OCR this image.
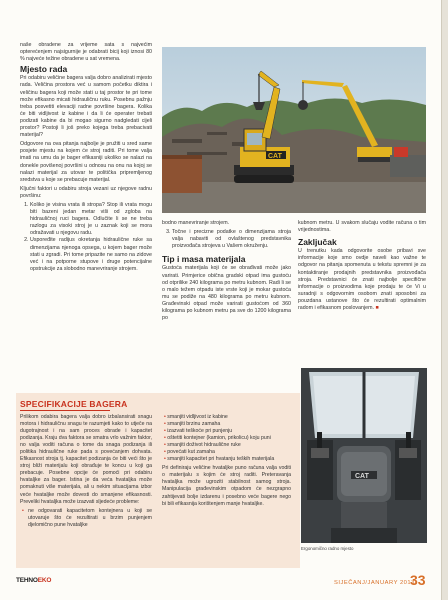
naše obradene za vrijeme sata s najvećim opterećenjem najsigurnije je odabrati bicij koji iznosi 80 % najveće težine obradene u sat vremena.

Mjesto rada

Pri odabiru veličine bagera valja dobro analizirati mjesto rada. Veličina prostora već u samom početku diktira i veličinu bagera koji može stati u taj prostor te pri tome može efikasno micati hidrauličnu ruku. Posebnu pažnju treba posvetiti elevaciji radne površine bagera. Kolika će biti vidljivost iz kabine i da li će operater trebati podizati kabine da bi mogao sigurno nadgledati cijeli prostor? Postoji li još preko kojega treba prebacivati materijal?

Odgovore na ova pitanja najbolje je pružiti u sred same posjete mjestu na kojem će stroj raditi. Pri tome valja imati na umu da je bager efikasniji ukoliko se nalazi na donekle povišenoj površini u odnosu na onu na kojoj se nalazi materijal za utovar te politička pripremljenog sredstva u koje se prebacuje materijal.

Ključni faktori u odabiru stroja vezani uz njegove radnu površinu:

1. Koliko je visina vrata ili stropa? Stop ili vrata mogu biti bazeni jedan metar viši od zgloba na hidrauličnoj ruci bagera. Odlučite li se ne treba razlogu za visoki stroj je u zaznak koji se mora odražavati u njegovu radu.
2. Uspoređite radijus okretanja hidraulične ruke sa dimenzijama njenoga opsega, u kojem bager može stati u zgradi. Pri tome pripazite ne samo na zidove već i na potporne stupove i druge potencijalne opstrukcije za slobodno manevriranje strojem.
CAT

bodno manevriranje strojem.

3. Točne i precizne podatke o dimenzijama stroja valja nabaviti od ovlaštenog predstavnika proizvođača strojeva u Vašem okruženju.
Tip i masa materijala

Gustoća materijala koji će se obrađivati može jako varirati. Primjerice obična gradski otpad ima gustoću od otprilike 240 kilograma po metru kubnom. Radi li se o malo težem otpadu iste vrste koji je mokar gustoća mu se podiže na 480 kilograma po metru kubnom. Građevinski otpad može varirati gustoćom od 360 kilograma po kubnom metru pa sve do 1200 kilograma po

kubnom metru. U svakom slučaju vodite računa o tim vrijednostima.

Zaključak

U trenutku kada odgovorite osobe pribavi sve informacije koje smo ovdje naveli kao važne te odgovor na pitanja spomenuta u tekstu spremni je za kontaktiranje prodajnih predstavnika proizvođača stroja. Predstavnici će znati najbolje specifične informacije o proizvodima koje prodaju te će Vi u suradnji s odgovornim osobom znati sposobni za pouzdana ustanove što će rezultirati optimalnim radom i efikasnom poslovanjem. ■

SPECIFIKACIJE BAGERA

Prilikom odabira bagera valja dobro izbalansirati snagu motora i hidrauličnu snagu te razumjeti kako to utječe na dugotrajnost i na sam proces obrade i kapacitet podizanja. Kraju dva faktora se smatra vrlo važnim faktor, no valja voditi računa o tome da snaga podizanja ili politika hidraulične ruke pada s povećanjem dohvata. Efikasnost stroja tj. kapacitet podizanja će biti veći što je stroj bliži materijalu koji obrađuje te koncu u koji ga prebacuje. Posebne opcije će pomoći pri odabiru hvataljke za bager. Istina je da veća hvataljka može pomaknuti više materijala, ali u nekim situacijama izbor veće hvataljke može dovesti do smanjene efikasnosti. Preveliki hvataljka može izazvati sljedeće probleme:

• ne odgovarati kapacitetom kontejnera u koji se utovaruje što će rezultirati u brzim punjenjem djelomično pune hvataljke
• smanjiti vidljivost iz kabine
• smanjiti brzinu zamaha
• izazvati teškoće pri punjenju
• oštetiti kontejner (kamion, prikolicu) koju puni
• smanjiti doživot hidraulične ruke
• povećati kut zamaha
• smanjiti kapacitet pri hvatanju teških materijala

Pri definiraju veličine hvataljke puno računa valja voditi o materijalu s kojim će stroj raditi. Preteravanja hvataljka može ugroziti stabilnost samog stroja. Manipulacija građevinskim otpadom će nezgrapno zahtijevati bolje izdarenu i posebno veće bagere nego bi bili efikasnija korištenjem manje hvataljke.

CAT
Ergonomično radno mjesto
TEHNOEKO	SIJEČANJ/JANUARY 2013.
33
